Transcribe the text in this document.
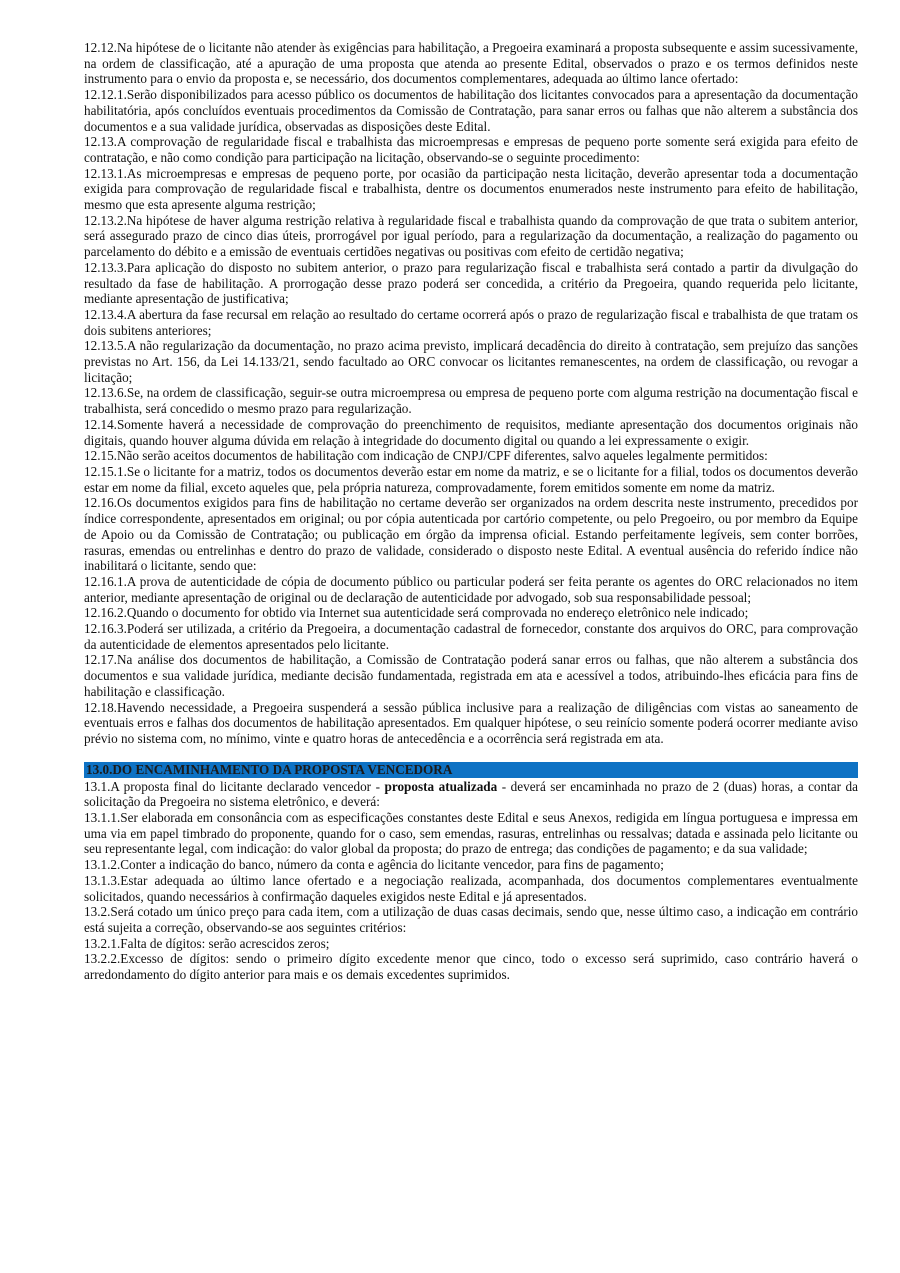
12.12.Na hipótese de o licitante não atender às exigências para habilitação, a Pregoeira examinará a proposta subsequente e assim sucessivamente, na ordem de classificação, até a apuração de uma proposta que atenda ao presente Edital, observados o prazo e os termos definidos neste instrumento para o envio da proposta e, se necessário, dos documentos complementares, adequada ao último lance ofertado:

12.12.1.Serão disponibilizados para acesso público os documentos de habilitação dos licitantes convocados para a apresentação da documentação habilitatória, após concluídos eventuais procedimentos da Comissão de Contratação, para sanar erros ou falhas que não alterem a substância dos documentos e a sua validade jurídica, observadas as disposições deste Edital.

12.13.A comprovação de regularidade fiscal e trabalhista das microempresas e empresas de pequeno porte somente será exigida para efeito de contratação, e não como condição para participação na licitação, observando-se o seguinte procedimento:

12.13.1.As microempresas e empresas de pequeno porte, por ocasião da participação nesta licitação, deverão apresentar toda a documentação exigida para comprovação de regularidade fiscal e trabalhista, dentre os documentos enumerados neste instrumento para efeito de habilitação, mesmo que esta apresente alguma restrição;

12.13.2.Na hipótese de haver alguma restrição relativa à regularidade fiscal e trabalhista quando da comprovação de que trata o subitem anterior, será assegurado prazo de cinco dias úteis, prorrogável por igual período, para a regularização da documentação, a realização do pagamento ou parcelamento do débito e a emissão de eventuais certidões negativas ou positivas com efeito de certidão negativa;

12.13.3.Para aplicação do disposto no subitem anterior, o prazo para regularização fiscal e trabalhista será contado a partir da divulgação do resultado da fase de habilitação. A prorrogação desse prazo poderá ser concedida, a critério da Pregoeira, quando requerida pelo licitante, mediante apresentação de justificativa;

12.13.4.A abertura da fase recursal em relação ao resultado do certame ocorrerá após o prazo de regularização fiscal e trabalhista de que tratam os dois subitens anteriores;

12.13.5.A não regularização da documentação, no prazo acima previsto, implicará decadência do direito à contratação, sem prejuízo das sanções previstas no Art. 156, da Lei 14.133/21, sendo facultado ao ORC convocar os licitantes remanescentes, na ordem de classificação, ou revogar a licitação;

12.13.6.Se, na ordem de classificação, seguir-se outra microempresa ou empresa de pequeno porte com alguma restrição na documentação fiscal e trabalhista, será concedido o mesmo prazo para regularização.

12.14.Somente haverá a necessidade de comprovação do preenchimento de requisitos, mediante apresentação dos documentos originais não digitais, quando houver alguma dúvida em relação à integridade do documento digital ou quando a lei expressamente o exigir.

12.15.Não serão aceitos documentos de habilitação com indicação de CNPJ/CPF diferentes, salvo aqueles legalmente permitidos:

12.15.1.Se o licitante for a matriz, todos os documentos deverão estar em nome da matriz, e se o licitante for a filial, todos os documentos deverão estar em nome da filial, exceto aqueles que, pela própria natureza, comprovadamente, forem emitidos somente em nome da matriz.

12.16.Os documentos exigidos para fins de habilitação no certame deverão ser organizados na ordem descrita neste instrumento, precedidos por índice correspondente, apresentados em original; ou por cópia autenticada por cartório competente, ou pelo Pregoeiro, ou por membro da Equipe de Apoio ou da Comissão de Contratação; ou publicação em órgão da imprensa oficial. Estando perfeitamente legíveis, sem conter borrões, rasuras, emendas ou entrelinhas e dentro do prazo de validade, considerado o disposto neste Edital. A eventual ausência do referido índice não inabilitará o licitante, sendo que:

12.16.1.A prova de autenticidade de cópia de documento público ou particular poderá ser feita perante os agentes do ORC relacionados no item anterior, mediante apresentação de original ou de declaração de autenticidade por advogado, sob sua responsabilidade pessoal;

12.16.2.Quando o documento for obtido via Internet sua autenticidade será comprovada no endereço eletrônico nele indicado;

12.16.3.Poderá ser utilizada, a critério da Pregoeira, a documentação cadastral de fornecedor, constante dos arquivos do ORC, para comprovação da autenticidade de elementos apresentados pelo licitante.

12.17.Na análise dos documentos de habilitação, a Comissão de Contratação poderá sanar erros ou falhas, que não alterem a substância dos documentos e sua validade jurídica, mediante decisão fundamentada, registrada em ata e acessível a todos, atribuindo-lhes eficácia para fins de habilitação e classificação.

12.18.Havendo necessidade, a Pregoeira suspenderá a sessão pública inclusive para a realização de diligências com vistas ao saneamento de eventuais erros e falhas dos documentos de habilitação apresentados. Em qualquer hipótese, o seu reinício somente poderá ocorrer mediante aviso prévio no sistema com, no mínimo, vinte e quatro horas de antecedência e a ocorrência será registrada em ata.

13.0.DO ENCAMINHAMENTO DA PROPOSTA VENCEDORA

13.1.A proposta final do licitante declarado vencedor - proposta atualizada - deverá ser encaminhada no prazo de 2 (duas) horas, a contar da solicitação da Pregoeira no sistema eletrônico, e deverá:

13.1.1.Ser elaborada em consonância com as especificações constantes deste Edital e seus Anexos, redigida em língua portuguesa e impressa em uma via em papel timbrado do proponente, quando for o caso, sem emendas, rasuras, entrelinhas ou ressalvas; datada e assinada pelo licitante ou seu representante legal, com indicação: do valor global da proposta; do prazo de entrega; das condições de pagamento; e da sua validade;

13.1.2.Conter a indicação do banco, número da conta e agência do licitante vencedor, para fins de pagamento;

13.1.3.Estar adequada ao último lance ofertado e a negociação realizada, acompanhada, dos documentos complementares eventualmente solicitados, quando necessários à confirmação daqueles exigidos neste Edital e já apresentados.

13.2.Será cotado um único preço para cada item, com a utilização de duas casas decimais, sendo que, nesse último caso, a indicação em contrário está sujeita a correção, observando-se aos seguintes critérios:

13.2.1.Falta de dígitos: serão acrescidos zeros;

13.2.2.Excesso de dígitos: sendo o primeiro dígito excedente menor que cinco, todo o excesso será suprimido, caso contrário haverá o arredondamento do dígito anterior para mais e os demais excedentes suprimidos.
